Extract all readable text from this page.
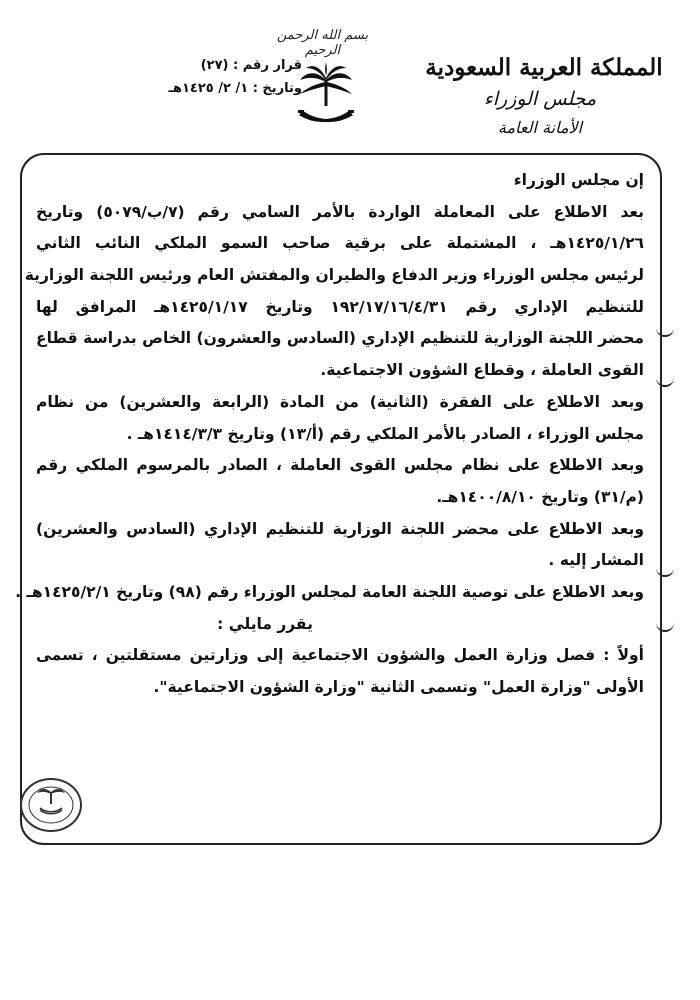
بسم الله الرحمن الرحيم
المملكة العربية السعودية
مجلس الوزراء
الأمانة العامة
قرار رقم : (٢٧)
وتاريخ : ١/ ٢/ ١٤٢٥هـ
إن مجلس الوزراء
بعد الاطلاع على المعاملة الواردة بالأمر السامي رقم (٧/ب/٥٠٧٩) وتاريخ
١٤٢٥/١/٢٦هـ ، المشتملة على برقية صاحب السمو الملكي النائب الثاني
لرئيس مجلس الوزراء وزير الدفاع والطيران والمفتش العام ورئيس اللجنة الوزارية
للتنظيم الإداري رقم ١٩٢/١٧/١٦/٤/٣١ وتاريخ ١٤٢٥/١/١٧هـ المرافق لها
محضر اللجنة الوزارية للتنظيم الإداري (السادس والعشرون) الخاص بدراسة قطاع
القوى العاملة ، وقطاع الشؤون الاجتماعية.
وبعد الاطلاع على الفقرة (الثانية) من المادة (الرابعة والعشرين) من نظام
مجلس الوزراء ، الصادر بالأمر الملكي رقم (أ/١٣) وتاريخ ١٤١٤/٣/٣هـ .
وبعد الاطلاع على نظام مجلس القوى العاملة ، الصادر بالمرسوم الملكي رقم
(م/٣١) وتاريخ ١٤٠٠/٨/١٠هـ.
وبعد الاطلاع على محضر اللجنة الوزارية للتنظيم الإداري (السادس والعشرين)
المشار إليه .
وبعد الاطلاع على توصية اللجنة العامة لمجلس الوزراء رقم (٩٨) وتاريخ ١٤٢٥/٢/١هـ .
يقرر مايلي :
أولاً : فصل وزارة العمل والشؤون الاجتماعية إلى وزارتين مستقلتين ، تسمى
الأولى "وزارة العمل" وتسمى الثانية "وزارة الشؤون الاجتماعية".
